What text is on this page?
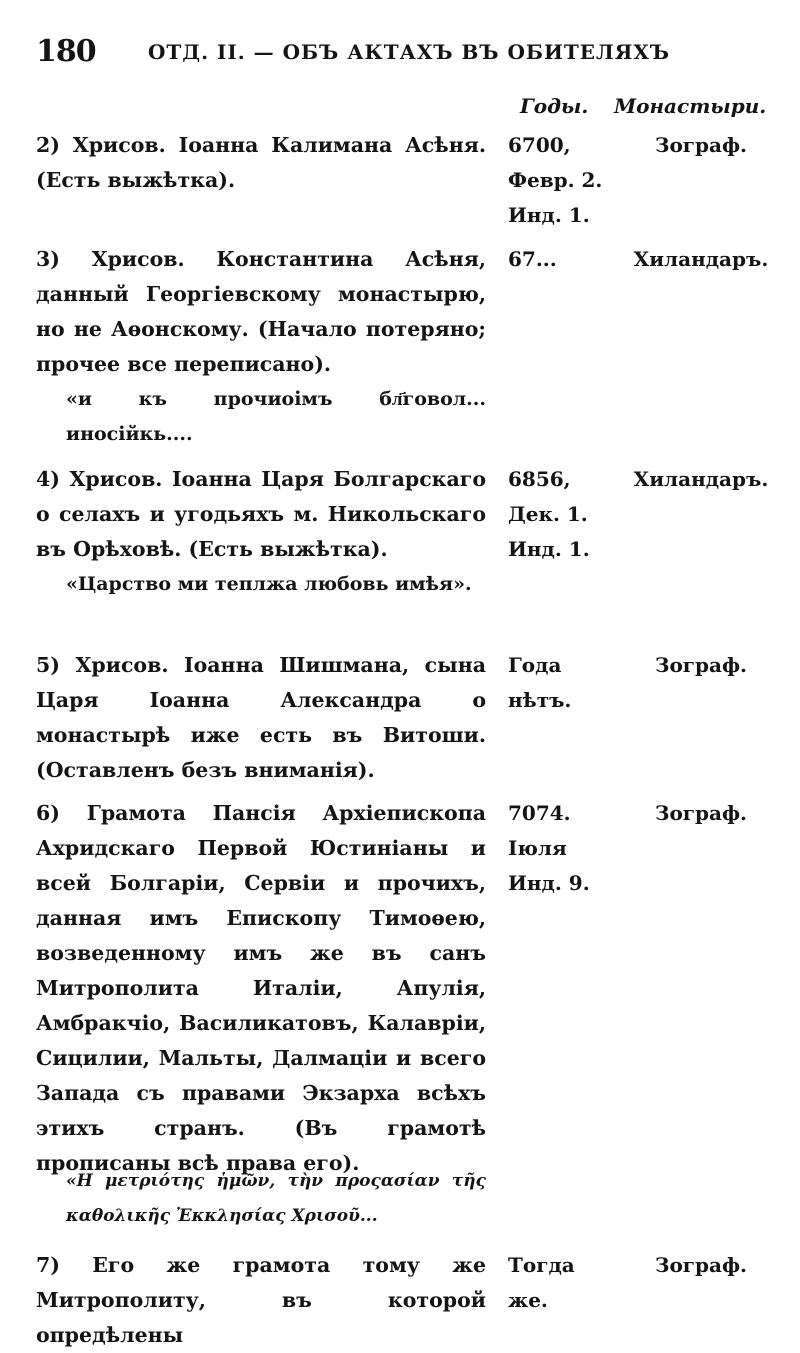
180	ОТД. II. — ОБЪ АКТАХЪ ВЪ ОБИТЕЛЯХЪ
Годы. Монастыри.
2) Хрисов. Іоанна Калимана Асѣня. (Есть выжѣтка).
6700,
Февр. 2.
Инд. 1.
Зограф.
3) Хрисов. Константина Асѣня, данный Георгіевскому монастырю, но не Аѳонскому. (Начало потеряно; прочее все переписано).
«и къ прочиоімъ бл҃говол... иносійкь....
67...	Хиландаръ.
4) Хрисов. Іоанна Царя Болгарскаго о селахъ и угодьяхъ м. Никольскаго въ Орѣховѣ. (Есть выжѣтка).
«Царство ми теплжа любовь имѣя».
6856,
Дек. 1.
Инд. 1.
Хиландаръ.
5) Хрисов. Іоанна Шишмана, сына Царя Іоанна Александра о монастырѣ иже есть въ Витоши. (Оставленъ безъ вниманія).
Года
нѣтъ.
Зограф.
6) Грамота Пансія Архіепископа Ахридскаго Первой Юстиніаны и всей Болгаріи, Сервіи и прочихъ, данная имъ Епископу Тимоѳею, возведенному имъ же въ санъ Митрополита Италіи, Апулія, Амбракчіо, Василикатовъ, Калавріи, Сицилии, Мальты, Далмаціи и всего Запада съ правами Экзарха всѣхъ этихъ странъ. (Въ грамотѣ прописаны всѣ права его).
«Η μετριότης ἡμῶν, τὴν προςασίαν τῆς καθολικῆς Ἐκκλησίας Χρισοῦ...
7074.
Іюля
Инд. 9.
Зограф.
7) Его же грамота тому же Митрополиту, въ которой опредѣлены
Тогда
же.
Зограф.
